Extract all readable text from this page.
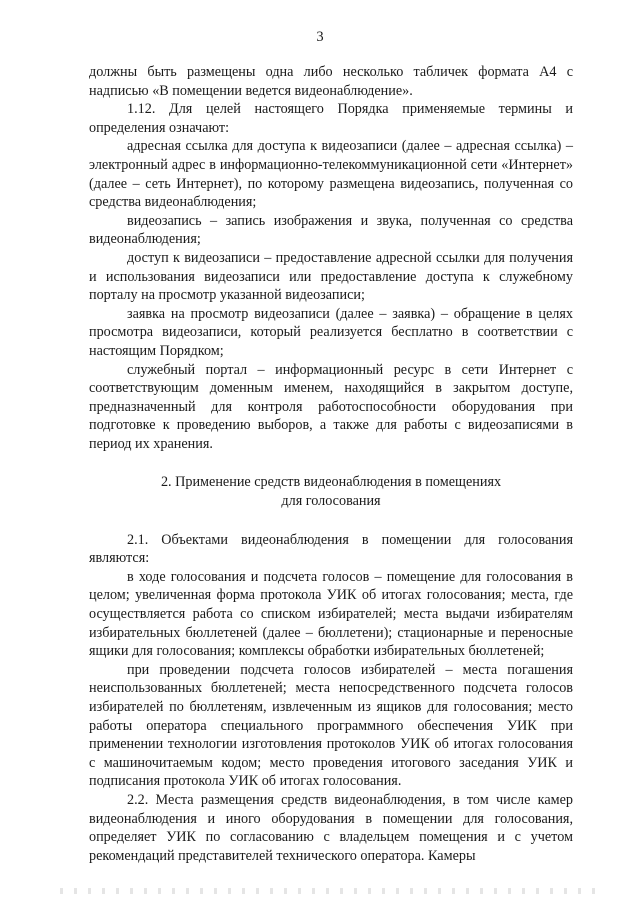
3

должны быть размещены одна либо несколько табличек формата А4 с надписью «В помещении ведется видеонаблюдение».

1.12. Для целей настоящего Порядка применяемые термины и определения означают:

адресная ссылка для доступа к видеозаписи (далее – адресная ссылка) – электронный адрес в информационно-телекоммуникационной сети «Интернет» (далее – сеть Интернет), по которому размещена видеозапись, полученная со средства видеонаблюдения;

видеозапись – запись изображения и звука, полученная со средства видеонаблюдения;

доступ к видеозаписи – предоставление адресной ссылки для получения и использования видеозаписи или предоставление доступа к служебному порталу на просмотр указанной видеозаписи;

заявка на просмотр видеозаписи (далее – заявка) – обращение в целях просмотра видеозаписи, который реализуется бесплатно в соответствии с настоящим Порядком;

служебный портал – информационный ресурс в сети Интернет с соответствующим доменным именем, находящийся в закрытом доступе, предназначенный для контроля работоспособности оборудования при подготовке к проведению выборов, а также для работы с видеозаписями в период их хранения.

2. Применение средств видеонаблюдения в помещениях
для голосования

2.1. Объектами видеонаблюдения в помещении для голосования являются:

в ходе голосования и подсчета голосов – помещение для голосования в целом; увеличенная форма протокола УИК об итогах голосования; места, где осуществляется работа со списком избирателей; места выдачи избирателям избирательных бюллетеней (далее – бюллетени); стационарные и переносные ящики для голосования; комплексы обработки избирательных бюллетеней;

при проведении подсчета голосов избирателей – места погашения неиспользованных бюллетеней; места непосредственного подсчета голосов избирателей по бюллетеням, извлеченным из ящиков для голосования; место работы оператора специального программного обеспечения УИК при применении технологии изготовления протоколов УИК об итогах голосования с машиночитаемым кодом; место проведения итогового заседания УИК и подписания протокола УИК об итогах голосования.

2.2. Места размещения средств видеонаблюдения, в том числе камер видеонаблюдения и иного оборудования в помещении для голосования, определяет УИК по согласованию с владельцем помещения и с учетом рекомендаций представителей технического оператора. Камеры
